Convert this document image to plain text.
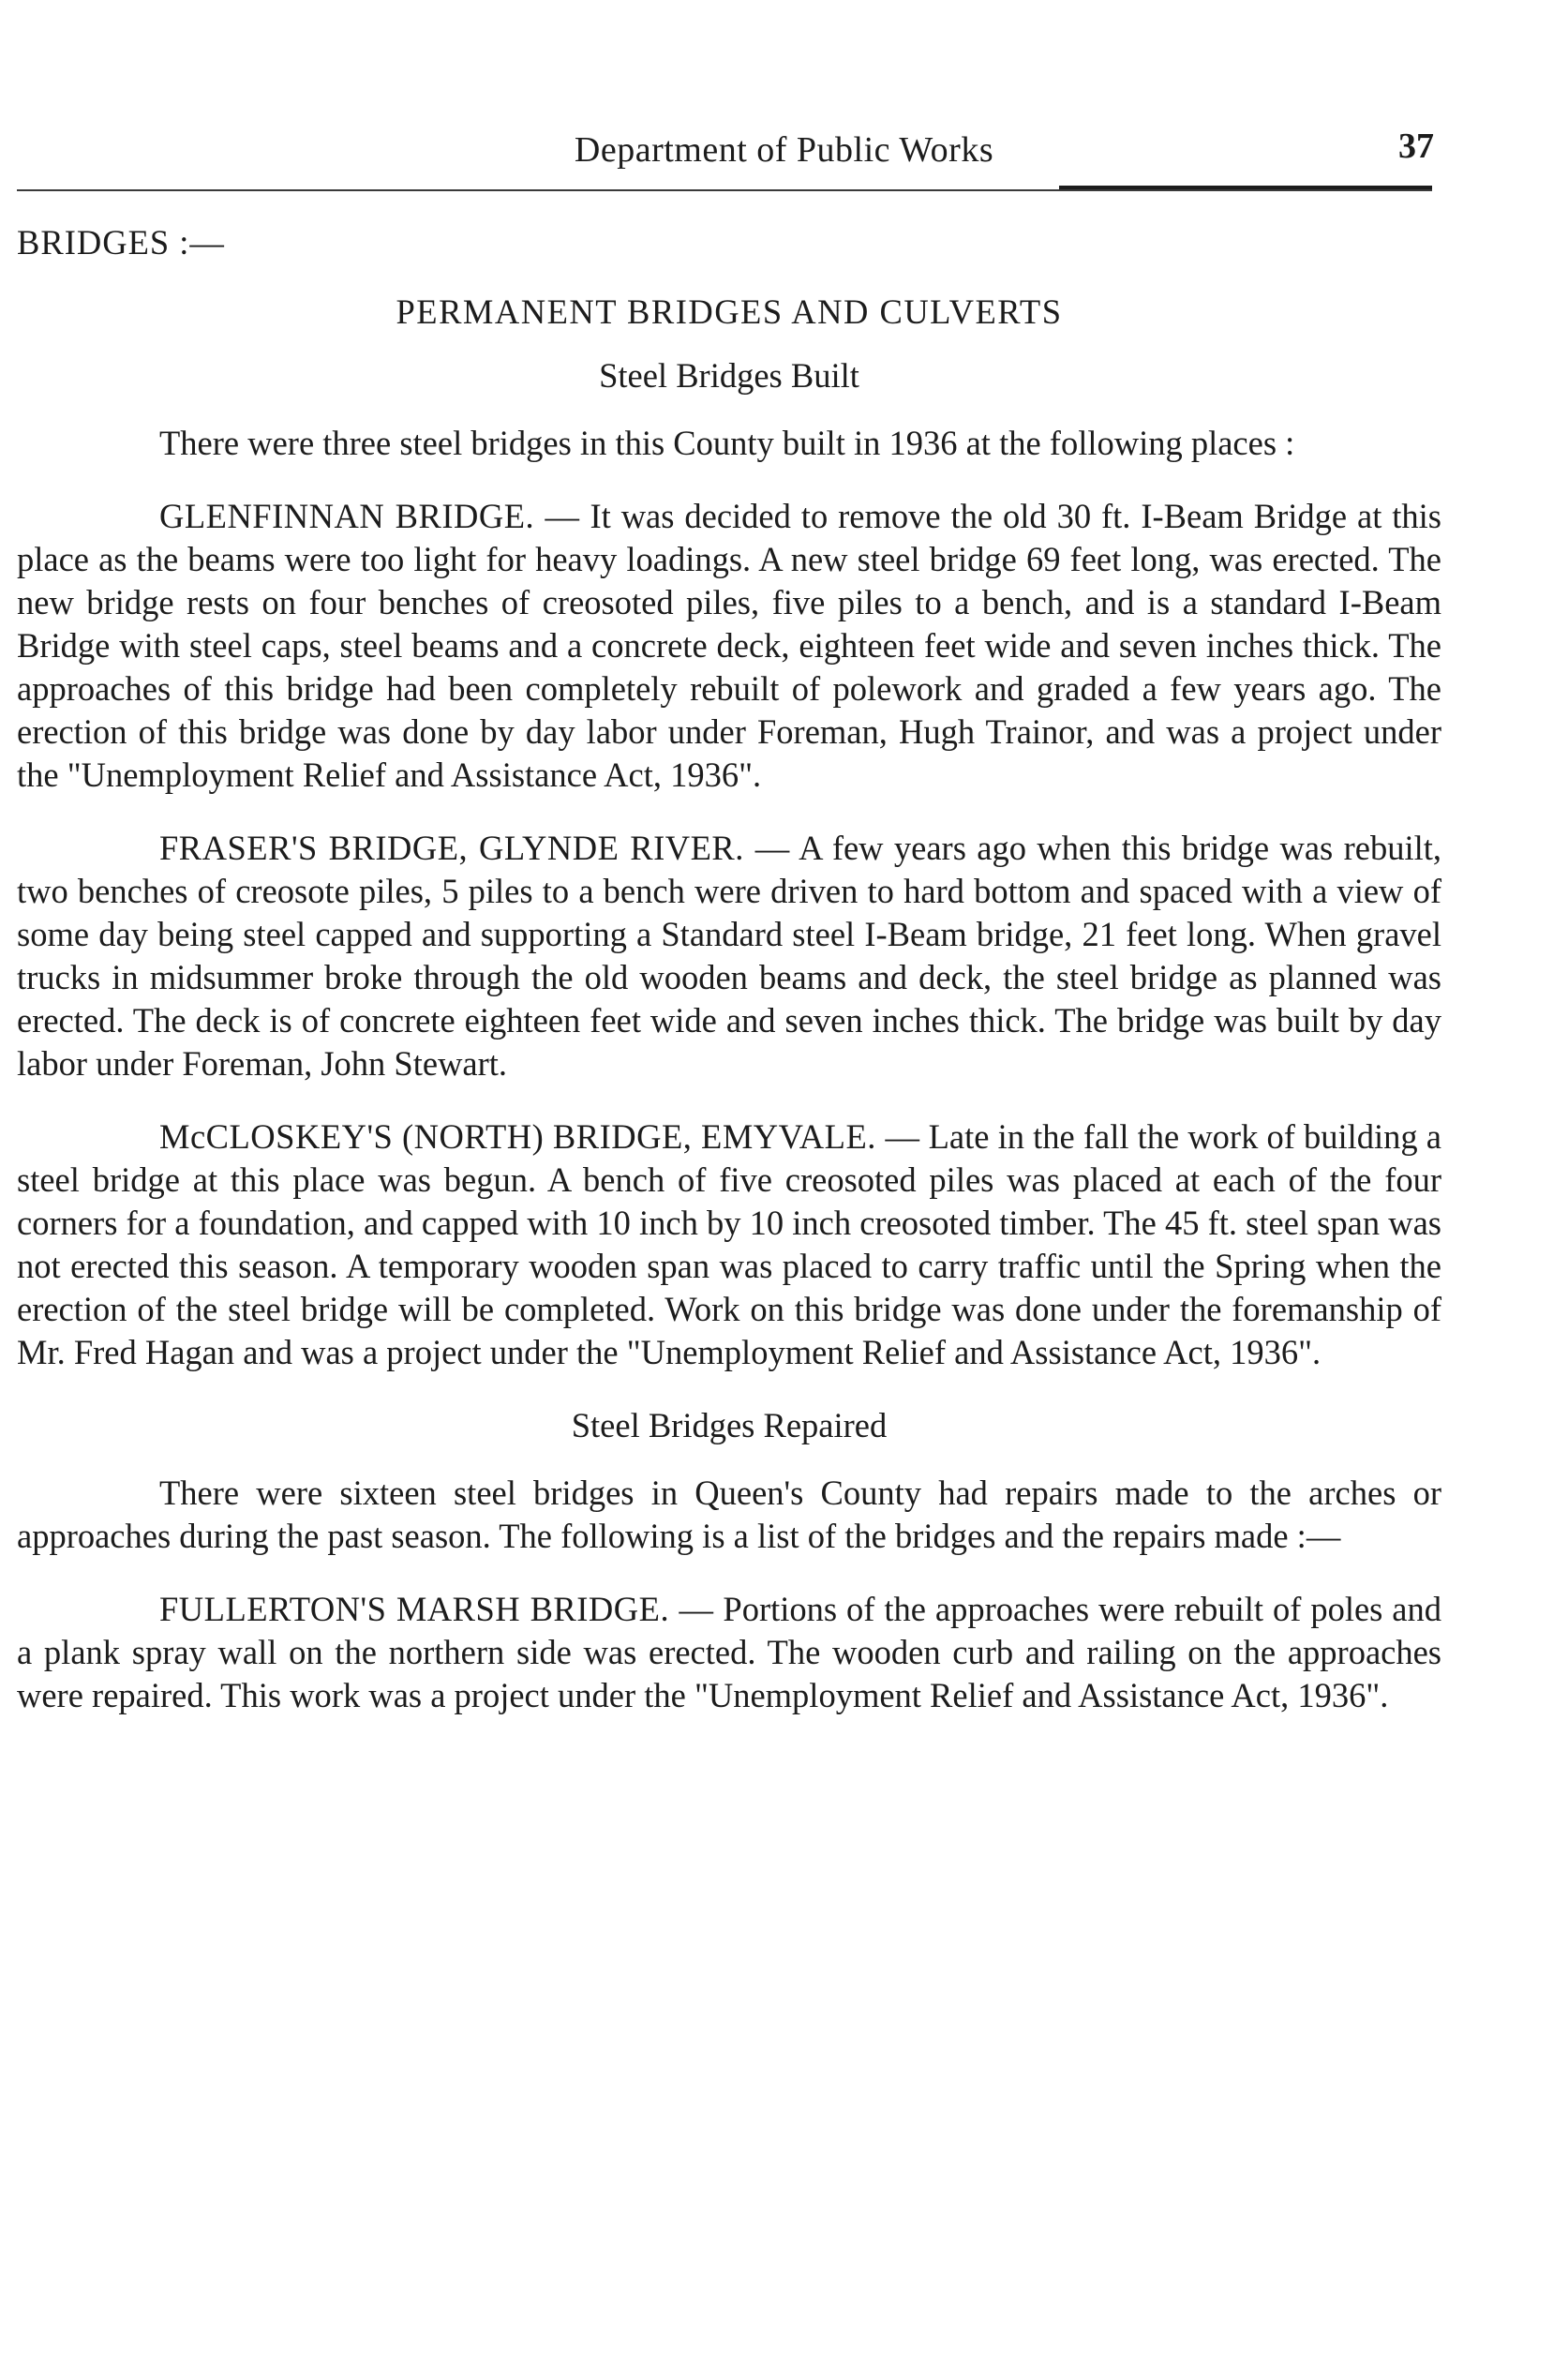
Department of Public Works	37
BRIDGES :—
PERMANENT BRIDGES AND CULVERTS
Steel Bridges Built

There were three steel bridges in this County built in 1936 at the following places :

GLENFINNAN BRIDGE. — It was decided to remove the old 30 ft. I-Beam Bridge at this place as the beams were too light for heavy loadings. A new steel bridge 69 feet long, was erected. The new bridge rests on four benches of creosoted piles, five piles to a bench, and is a standard I-Beam Bridge with steel caps, steel beams and a concrete deck, eighteen feet wide and seven inches thick. The approaches of this bridge had been completely rebuilt of polework and graded a few years ago. The erection of this bridge was done by day labor under Foreman, Hugh Trainor, and was a project under the "Unemployment Relief and Assistance Act, 1936".

FRASER'S BRIDGE, GLYNDE RIVER. — A few years ago when this bridge was rebuilt, two benches of creosote piles, 5 piles to a bench were driven to hard bottom and spaced with a view of some day being steel capped and supporting a Standard steel I-Beam bridge, 21 feet long. When gravel trucks in midsummer broke through the old wooden beams and deck, the steel bridge as planned was erected. The deck is of concrete eighteen feet wide and seven inches thick. The bridge was built by day labor under Foreman, John Stewart.

McCLOSKEY'S (NORTH) BRIDGE, EMYVALE. — Late in the fall the work of building a steel bridge at this place was begun. A bench of five creosoted piles was placed at each of the four corners for a foundation, and capped with 10 inch by 10 inch creosoted timber. The 45 ft. steel span was not erected this season. A temporary wooden span was placed to carry traffic until the Spring when the erection of the steel bridge will be completed. Work on this bridge was done under the foremanship of Mr. Fred Hagan and was a project under the "Unemployment Relief and Assistance Act, 1936".

Steel Bridges Repaired

There were sixteen steel bridges in Queen's County had repairs made to the arches or approaches during the past season. The following is a list of the bridges and the repairs made :—

FULLERTON'S MARSH BRIDGE. — Portions of the approaches were rebuilt of poles and a plank spray wall on the northern side was erected. The wooden curb and railing on the approaches were repaired. This work was a project under the "Unemployment Relief and Assistance Act, 1936".
